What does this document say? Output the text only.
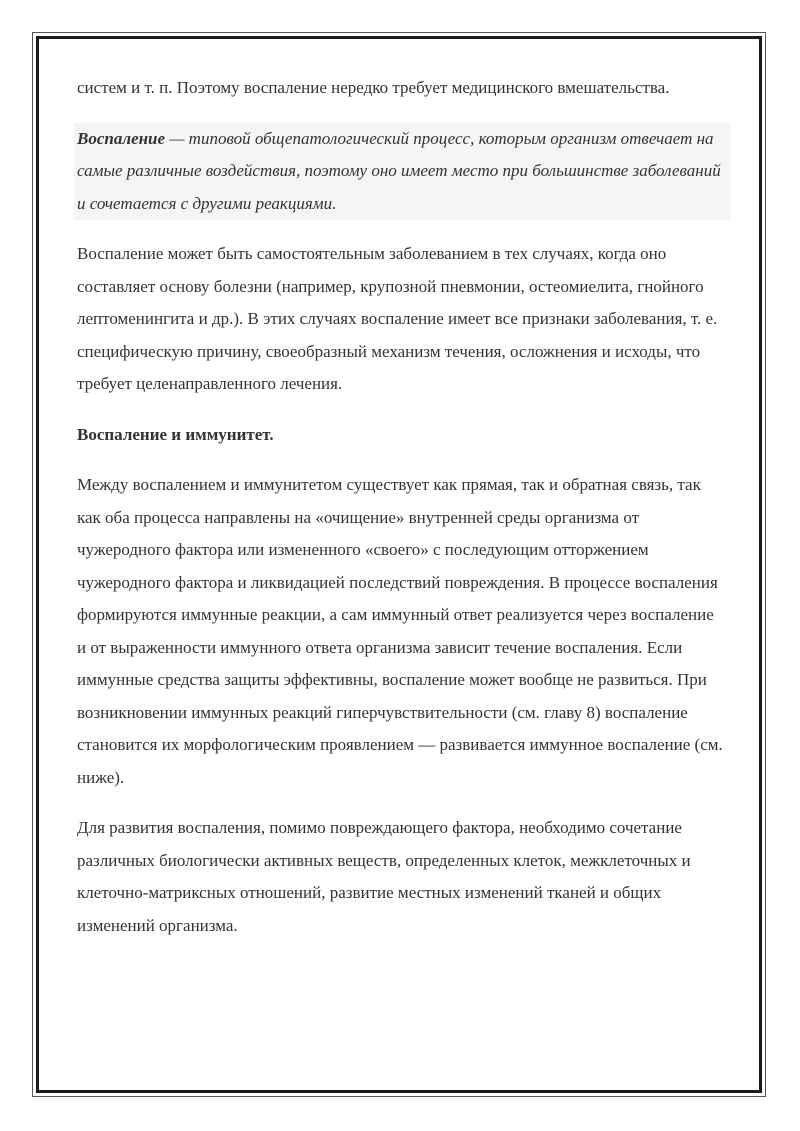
систем и т. п. Поэтому воспаление нередко требует медицинского вмешательства.

Воспаление — типовой общепатологический процесс, которым организм отвечает на самые различные воздействия, поэтому оно имеет место при большинстве заболеваний и сочетается с другими реакциями.

Воспаление может быть самостоятельным заболеванием в тех случаях, когда оно составляет основу болезни (например, крупозной пневмонии, остеомиелита, гнойного лептоменингита и др.). В этих случаях воспаление имеет все признаки заболевания, т. е. специфическую причину, своеобразный механизм течения, осложнения и исходы, что требует целенаправленного лечения.

Воспаление и иммунитет.

Между воспалением и иммунитетом существует как прямая, так и обратная связь, так как оба процесса направлены на «очищение» внутренней среды организма от чужеродного фактора или измененного «своего» с последующим отторжением чужеродного фактора и ликвидацией последствий повреждения. В процессе воспаления формируются иммунные реакции, а сам иммунный ответ реализуется через воспаление и от выраженности иммунного ответа организма зависит течение воспаления. Если иммунные средства защиты эффективны, воспаление может вообще не развиться. При возникновении иммунных реакций гиперчувствительности (см. главу 8) воспаление становится их морфологическим проявлением — развивается иммунное воспаление (см. ниже).

Для развития воспаления, помимо повреждающего фактора, необходимо сочетание различных биологически активных веществ, определенных клеток, межклеточных и клеточно-матриксных отношений, развитие местных изменений тканей и общих изменений организма.
